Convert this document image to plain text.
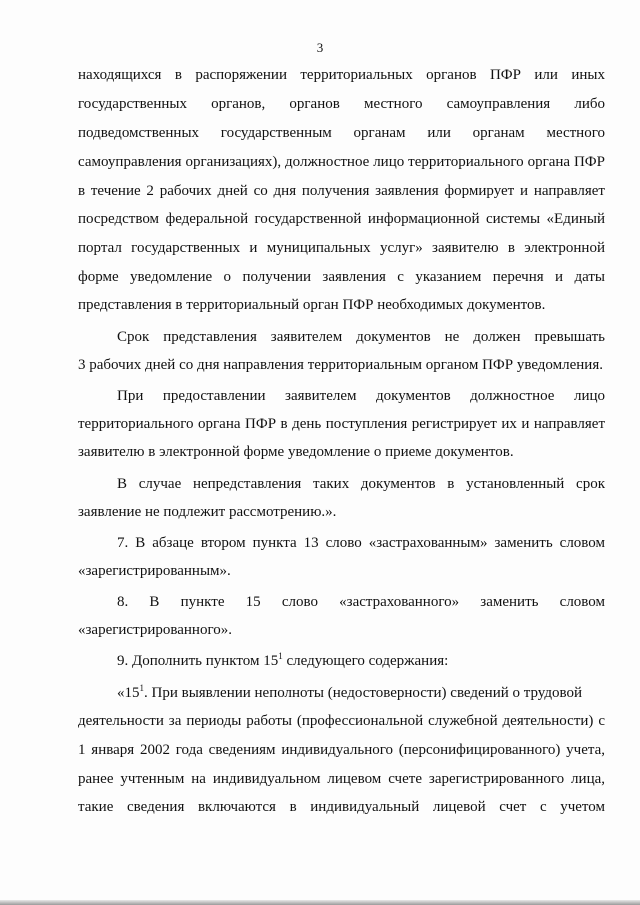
3
находящихся в распоряжении территориальных органов ПФР или иных
государственных органов, органов местного самоуправления либо
подведомственных государственным органам или органам местного
самоуправления организациях), должностное лицо территориального органа ПФР
в течение 2 рабочих дней со дня получения заявления формирует и направляет
посредством федеральной государственной информационной системы «Единый
портал государственных и муниципальных услуг» заявителю в электронной
форме уведомление о получении заявления с указанием перечня и даты
представления в территориальный орган ПФР необходимых документов.
Срок представления заявителем документов не должен превышать
3 рабочих дней со дня направления территориальным органом ПФР уведомления.
При предоставлении заявителем документов должностное лицо
территориального органа ПФР в день поступления регистрирует их и направляет
заявителю в электронной форме уведомление о приеме документов.
В случае непредставления таких документов в установленный срок
заявление не подлежит рассмотрению.».
7. В абзаце втором пункта 13 слово «застрахованным» заменить словом
«зарегистрированным».
8. В пункте 15 слово «застрахованного» заменить словом
«зарегистрированного».
9. Дополнить пунктом $15^1$ следующего содержания:
«$15^1$. При выявлении неполноты (недостоверности) сведений о трудовой
деятельности за периоды работы (профессиональной служебной деятельности) с
1 января 2002 года сведениям индивидуального (персонифицированного) учета,
ранее учтенным на индивидуальном лицевом счете зарегистрированного лица,
такие сведения включаются в индивидуальный лицевой счет с учетом
